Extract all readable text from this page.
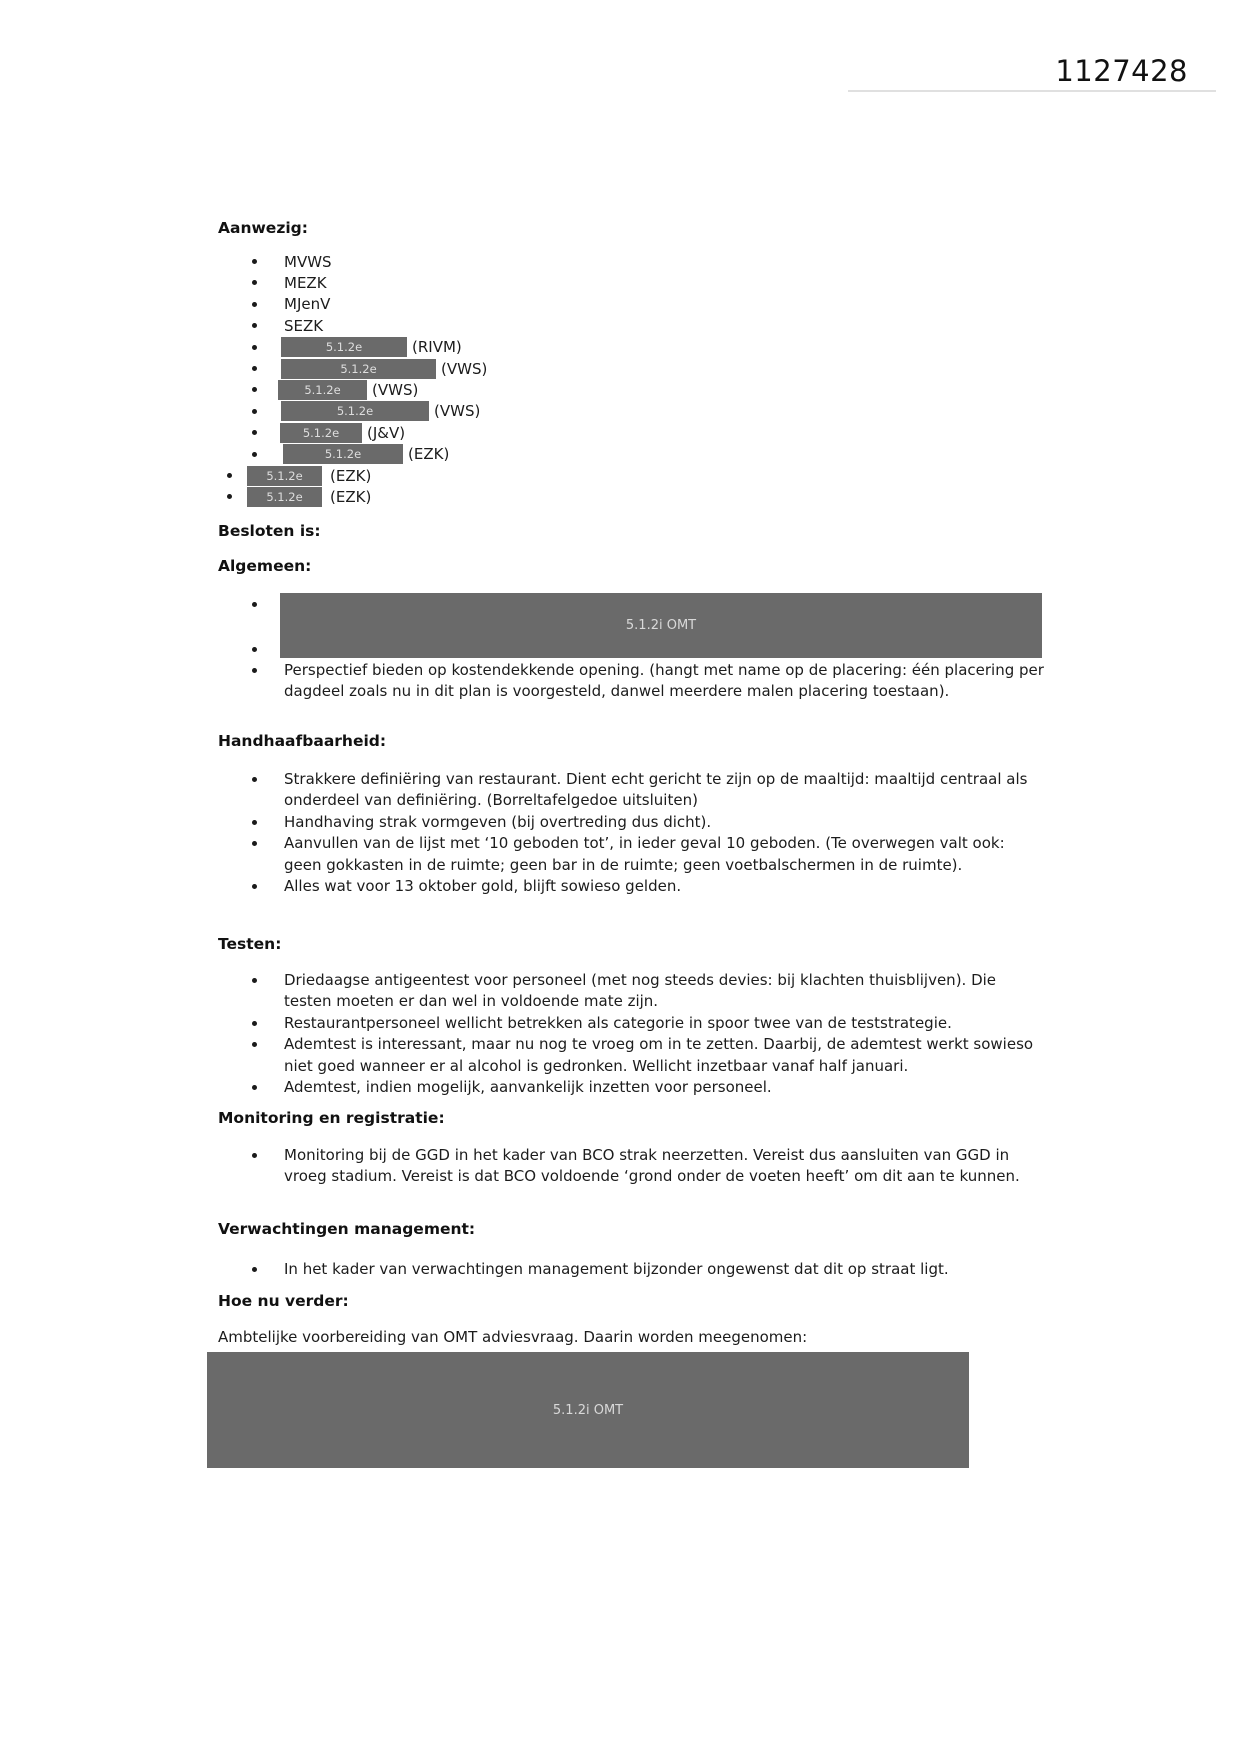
1127428
Aanwezig:
MVWS
MEZK
MJenV
SEZK
5.1.2e	(RIVM)
5.1.2e	(VWS)
5.1.2e (VWS)
5.1.2e	(VWS)
5.1.2e (J&V)
5.1.2e	(EZK)
5.1.2e (EZK)
5.1.2e (EZK)
Besloten is:
Algemeen:
5.1.2i OMT
Perspectief bieden op kostendekkende opening. (hangt met name op de placering: één placering per dagdeel zoals nu in dit plan is voorgesteld, danwel meerdere malen placering toestaan).
Handhaafbaarheid:
Strakkere definiëring van restaurant. Dient echt gericht te zijn op de maaltijd: maaltijd centraal als onderdeel van definiëring. (Borreltafelgedoe uitsluiten)
Handhaving strak vormgeven (bij overtreding dus dicht).
Aanvullen van de lijst met ‘10 geboden tot’, in ieder geval 10 geboden. (Te overwegen valt ook: geen gokkasten in de ruimte; geen bar in de ruimte; geen voetbalschermen in de ruimte).
Alles wat voor 13 oktober gold, blijft sowieso gelden.
Testen:
Driedaagse antigeentest voor personeel (met nog steeds devies: bij klachten thuisblijven). Die testen moeten er dan wel in voldoende mate zijn.
Restaurantpersoneel wellicht betrekken als categorie in spoor twee van de teststrategie.
Ademtest is interessant, maar nu nog te vroeg om in te zetten. Daarbij, de ademtest werkt sowieso niet goed wanneer er al alcohol is gedronken. Wellicht inzetbaar vanaf half januari.
Ademtest, indien mogelijk, aanvankelijk inzetten voor personeel.
Monitoring en registratie:
Monitoring bij de GGD in het kader van BCO strak neerzetten. Vereist dus aansluiten van GGD in vroeg stadium. Vereist is dat BCO voldoende ‘grond onder de voeten heeft’ om dit aan te kunnen.
Verwachtingen management:
In het kader van verwachtingen management bijzonder ongewenst dat dit op straat ligt.
Hoe nu verder:
Ambtelijke voorbereiding van OMT adviesvraag. Daarin worden meegenomen:
5.1.2i OMT
